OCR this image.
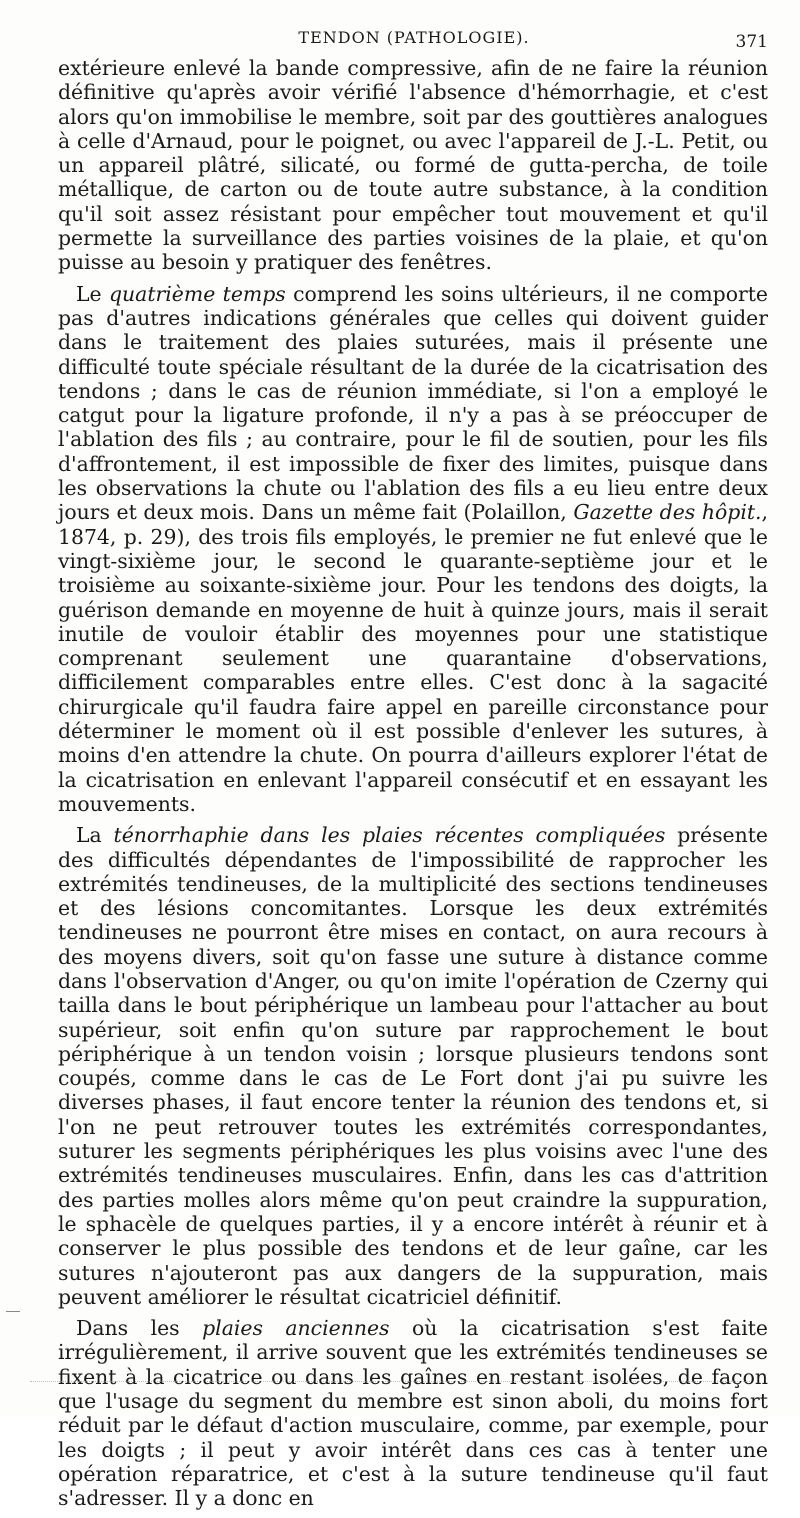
TENDON (PATHOLOGIE).	371

extérieure enlevé la bande compressive, afin de ne faire la réunion définitive qu'après avoir vérifié l'absence d'hémorrhagie, et c'est alors qu'on immobilise le membre, soit par des gouttières analogues à celle d'Arnaud, pour le poignet, ou avec l'appareil de J.-L. Petit, ou un appareil plâtré, silicaté, ou formé de gutta-percha, de toile métallique, de carton ou de toute autre substance, à la condition qu'il soit assez résistant pour empêcher tout mouvement et qu'il permette la surveillance des parties voisines de la plaie, et qu'on puisse au besoin y pratiquer des fenêtres.

Le quatrième temps comprend les soins ultérieurs, il ne comporte pas d'autres indications générales que celles qui doivent guider dans le traitement des plaies suturées, mais il présente une difficulté toute spéciale résultant de la durée de la cicatrisation des tendons ; dans le cas de réunion immédiate, si l'on a employé le catgut pour la ligature profonde, il n'y a pas à se préoccuper de l'ablation des fils ; au contraire, pour le fil de soutien, pour les fils d'affrontement, il est impossible de fixer des limites, puisque dans les observations la chute ou l'ablation des fils a eu lieu entre deux jours et deux mois. Dans un même fait (Polaillon, Gazette des hôpit., 1874, p. 29), des trois fils employés, le premier ne fut enlevé que le vingt-sixième jour, le second le quarante-septième jour et le troisième au soixante-sixième jour. Pour les tendons des doigts, la guérison demande en moyenne de huit à quinze jours, mais il serait inutile de vouloir établir des moyennes pour une statistique comprenant seulement une quarantaine d'observations, difficilement comparables entre elles. C'est donc à la sagacité chirurgicale qu'il faudra faire appel en pareille circonstance pour déterminer le moment où il est possible d'enlever les sutures, à moins d'en attendre la chute. On pourra d'ailleurs explorer l'état de la cicatrisation en enlevant l'appareil consécutif et en essayant les mouvements.

La ténorrhaphie dans les plaies récentes compliquées présente des difficultés dépendantes de l'impossibilité de rapprocher les extrémités tendineuses, de la multiplicité des sections tendineuses et des lésions concomitantes. Lorsque les deux extrémités tendineuses ne pourront être mises en contact, on aura recours à des moyens divers, soit qu'on fasse une suture à distance comme dans l'observation d'Anger, ou qu'on imite l'opération de Czerny qui tailla dans le bout périphérique un lambeau pour l'attacher au bout supérieur, soit enfin qu'on suture par rapprochement le bout périphérique à un tendon voisin ; lorsque plusieurs tendons sont coupés, comme dans le cas de Le Fort dont j'ai pu suivre les diverses phases, il faut encore tenter la réunion des tendons et, si l'on ne peut retrouver toutes les extrémités correspondantes, suturer les segments périphériques les plus voisins avec l'une des extrémités tendineuses musculaires. Enfin, dans les cas d'attrition des parties molles alors même qu'on peut craindre la suppuration, le sphacèle de quelques parties, il y a encore intérêt à réunir et à conserver le plus possible des tendons et de leur gaîne, car les sutures n'ajouteront pas aux dangers de la suppuration, mais peuvent améliorer le résultat cicatriciel définitif.

Dans les plaies anciennes où la cicatrisation s'est faite irrégulièrement, il arrive souvent que les extrémités tendineuses se fixent à la cicatrice ou dans les gaînes en restant isolées, de façon que l'usage du segment du membre est sinon aboli, du moins fort réduit par le défaut d'action musculaire, comme, par exemple, pour les doigts ; il peut y avoir intérêt dans ces cas à tenter une opération réparatrice, et c'est à la suture tendineuse qu'il faut s'adresser. Il y a donc en
